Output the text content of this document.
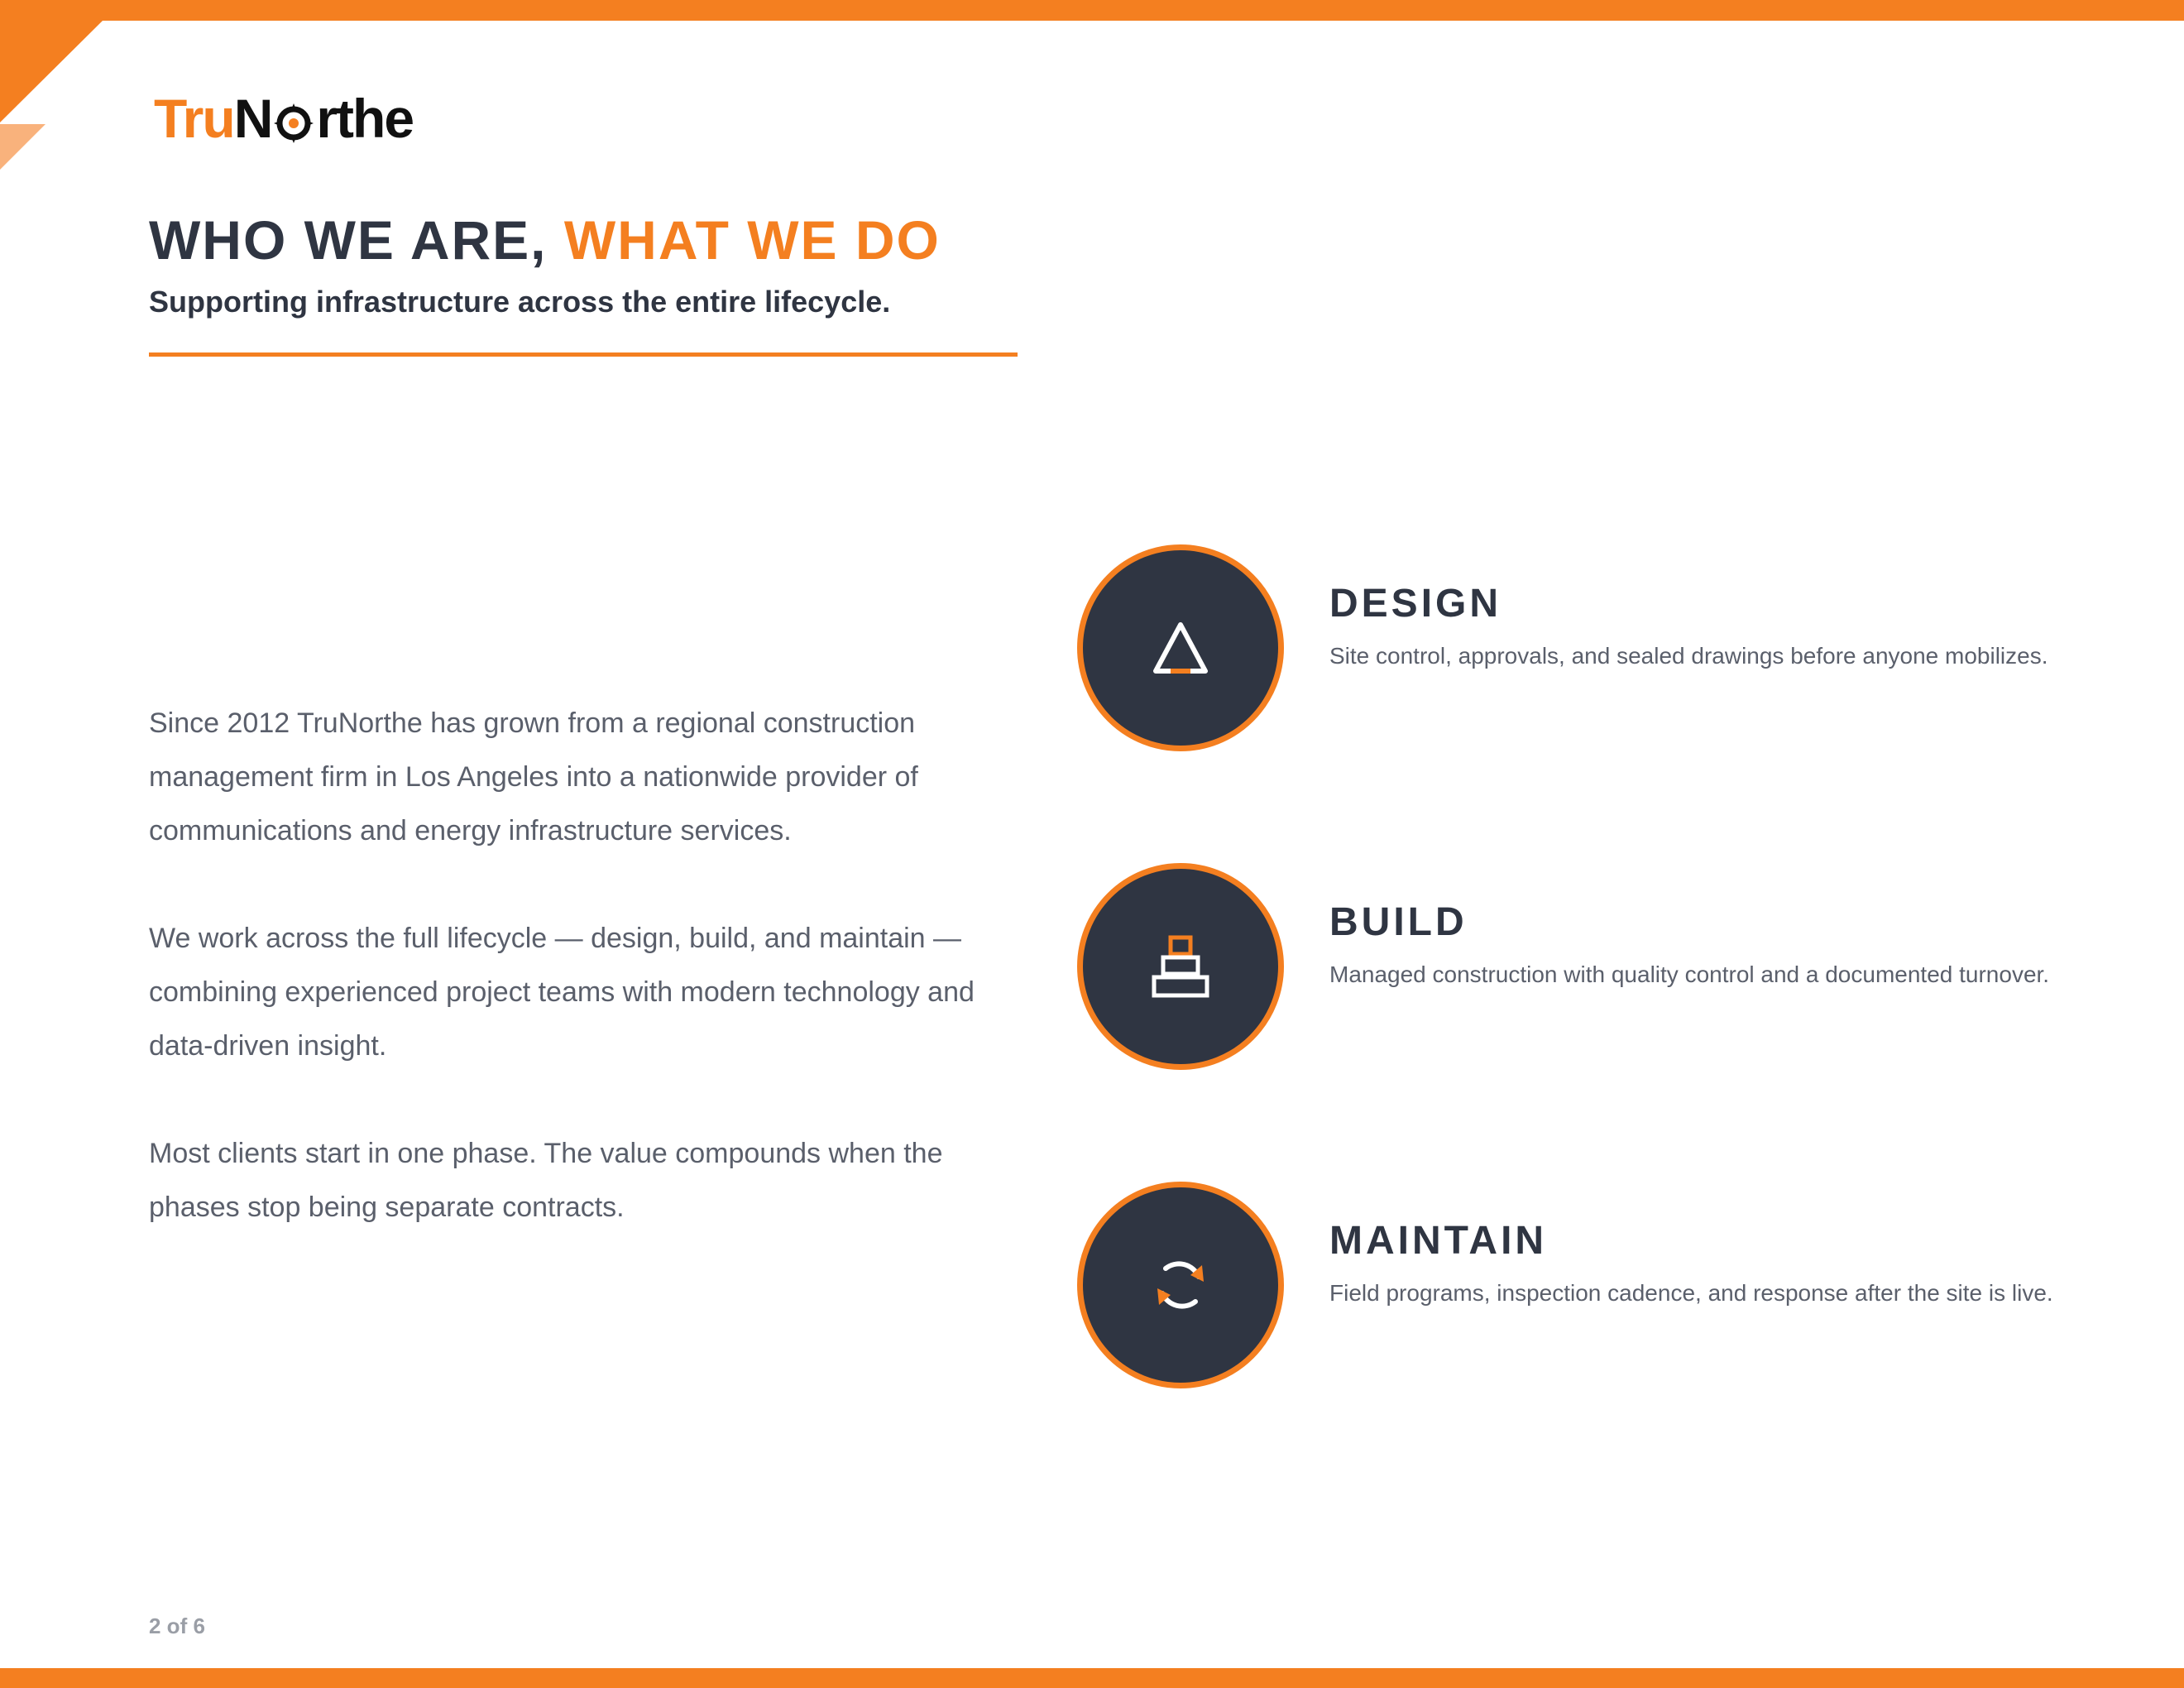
Tru N rthe
WHO WE ARE, WHAT WE DO
Supporting infrastructure across the entire lifecycle.

Since 2012 TruNorthe has grown from a regional construction management firm in Los Angeles into a nationwide provider of communications and energy infrastructure services.

We work across the full lifecycle — design, build, and maintain — combining experienced project teams with modern technology and data-driven insight.

Most clients start in one phase. The value compounds when the phases stop being separate contracts.

DESIGN
Site control, approvals, and sealed drawings before anyone mobilizes.
BUILD
Managed construction with quality control and a documented turnover.
MAINTAIN
Field programs, inspection cadence, and response after the site is live.
2 of 6
